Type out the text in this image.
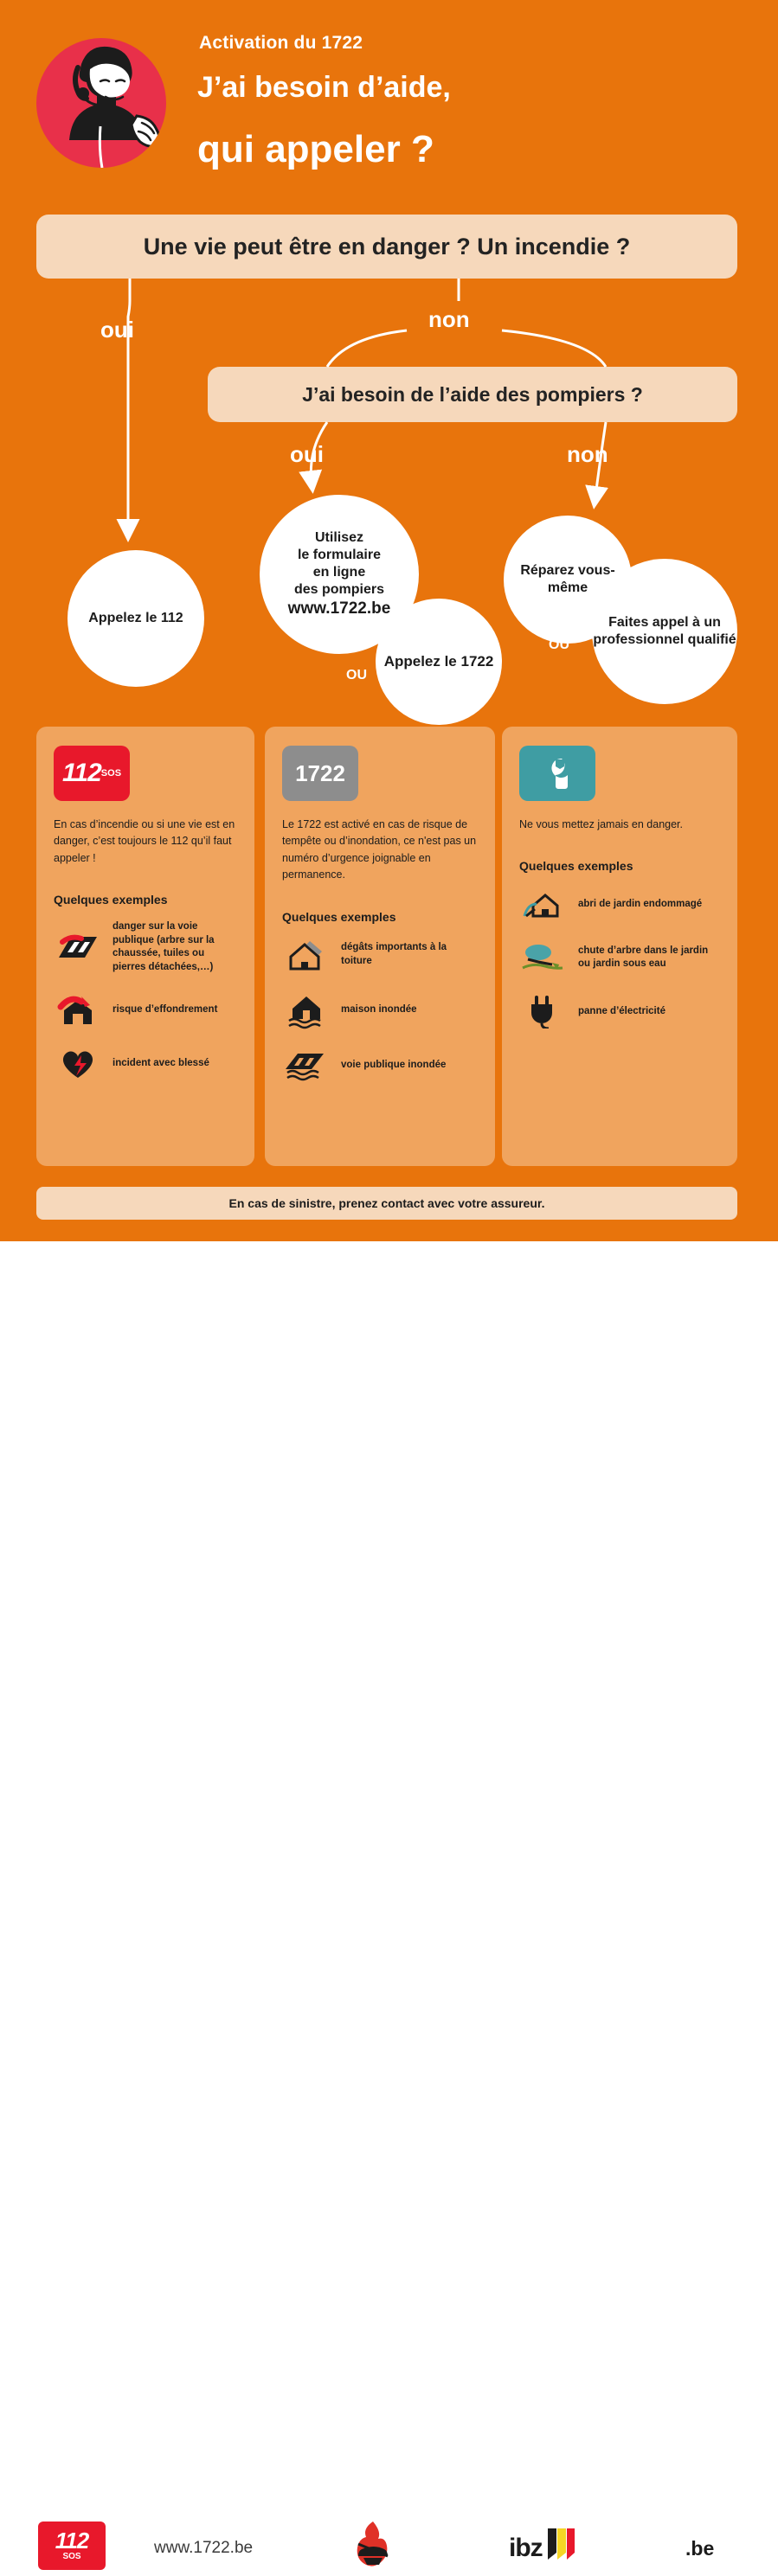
Activation du 1722
J’ai besoin d’aide,
qui appeler ?
Une vie peut être en danger ? Un incendie ?
J’ai besoin de l’aide des pompiers ?
oui	non
oui	non
Appelez le 112
Utilisez
le formulaire
en ligne
des pompiers
www.1722.be
Appelez le 1722
Réparez vous-même
Faites appel à un professionnel qualifié
OU
OU
112 SOS
En cas d’incendie ou si une vie est en danger, c’est toujours le 112 qu’il faut appeler !
Quelques exemples
danger sur la voie publique (arbre sur la chaussée, tuiles ou pierres détachées,…)
risque d’effondrement
incident avec blessé
1722
Le 1722 est activé en cas de risque de tempête ou d’inondation, ce n'est pas un numéro d’urgence joignable en permanence.
Quelques exemples
dégâts importants à la toiture
maison inondée
voie publique inondée
Ne vous mettez jamais en danger.
Quelques exemples
abri de jardin endommagé
chute d’arbre dans le jardin ou jardin sous eau
panne d’électricité
En cas de sinistre, prenez contact avec votre assureur.
112
SOS	www.1722.be	ibz	.be
